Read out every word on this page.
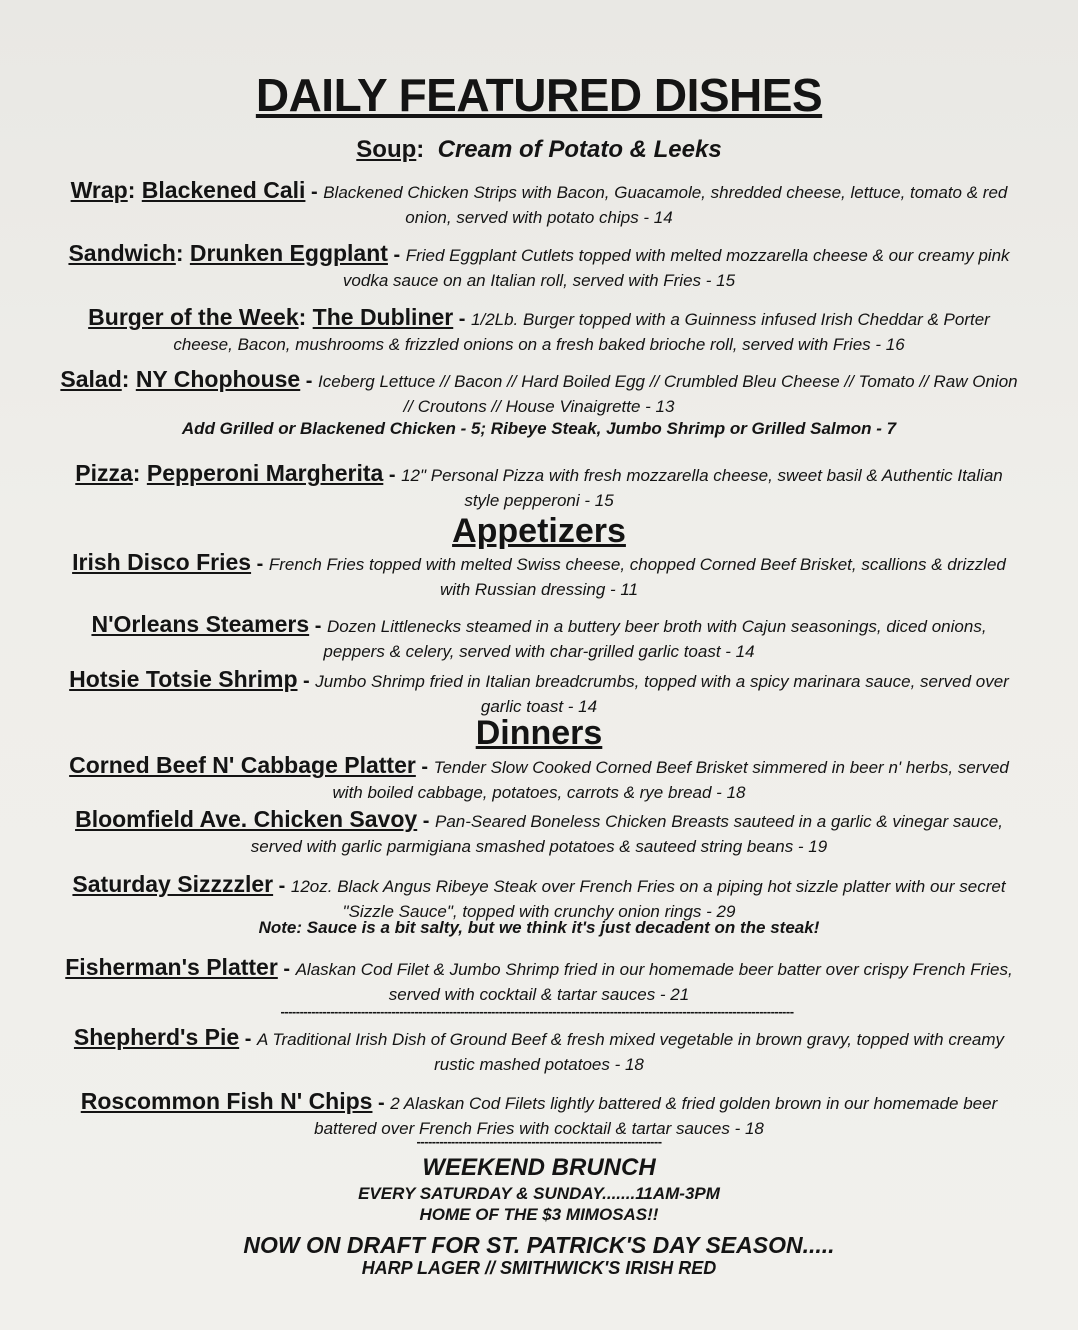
DAILY FEATURED DISHES
Soup:  Cream of Potato & Leeks
Wrap: Blackened Cali - Blackened Chicken Strips with Bacon, Guacamole, shredded cheese, lettuce, tomato & red onion, served with potato chips - 14
Sandwich: Drunken Eggplant - Fried Eggplant Cutlets topped with melted mozzarella cheese & our creamy pink vodka sauce on an Italian roll, served with Fries - 15
Burger of the Week: The Dubliner - 1/2Lb. Burger topped with a Guinness infused Irish Cheddar & Porter cheese, Bacon, mushrooms & frizzled onions on a fresh baked brioche roll, served with Fries - 16
Salad: NY Chophouse - Iceberg Lettuce // Bacon // Hard Boiled Egg // Crumbled Bleu Cheese // Tomato // Raw Onion // Croutons // House Vinaigrette - 13
Add Grilled or Blackened Chicken - 5; Ribeye Steak, Jumbo Shrimp or Grilled Salmon - 7
Pizza: Pepperoni Margherita - 12" Personal Pizza with fresh mozzarella cheese, sweet basil & Authentic Italian style pepperoni - 15
Appetizers
Irish Disco Fries - French Fries topped with melted Swiss cheese, chopped Corned Beef Brisket, scallions & drizzled with Russian dressing - 11
N'Orleans Steamers - Dozen Littlenecks steamed in a buttery beer broth with Cajun seasonings, diced onions, peppers & celery, served with char-grilled garlic toast - 14
Hotsie Totsie Shrimp - Jumbo Shrimp fried in Italian breadcrumbs, topped with a spicy marinara sauce, served over garlic toast - 14
Dinners
Corned Beef N' Cabbage Platter - Tender Slow Cooked Corned Beef Brisket simmered in beer n' herbs, served with boiled cabbage, potatoes, carrots & rye bread - 18
Bloomfield Ave. Chicken Savoy - Pan-Seared Boneless Chicken Breasts sauteed in a garlic & vinegar sauce, served with garlic parmigiana smashed potatoes & sauteed string beans - 19
Saturday Sizzzzler - 12oz. Black Angus Ribeye Steak over French Fries on a piping hot sizzle platter with our secret "Sizzle Sauce", topped with crunchy onion rings - 29
Note: Sauce is a bit salty, but we think it's just decadent on the steak!
Fisherman's Platter - Alaskan Cod Filet & Jumbo Shrimp fried in our homemade beer batter over crispy French Fries, served with cocktail & tartar sauces - 21
--------------------------------------------------------------------------------------------------------------------------------------
Shepherd's Pie - A Traditional Irish Dish of Ground Beef & fresh mixed vegetable in brown gravy, topped with creamy rustic mashed potatoes - 18
Roscommon Fish N' Chips - 2 Alaskan Cod Filets lightly battered & fried golden brown in our homemade beer battered over French Fries with cocktail & tartar sauces - 18
----------------------------------------------------------------
WEEKEND BRUNCH
EVERY SATURDAY & SUNDAY.......11AM-3PM
HOME OF THE $3 MIMOSAS!!
NOW ON DRAFT FOR ST. PATRICK'S DAY SEASON.....
HARP LAGER // SMITHWICK'S IRISH RED
